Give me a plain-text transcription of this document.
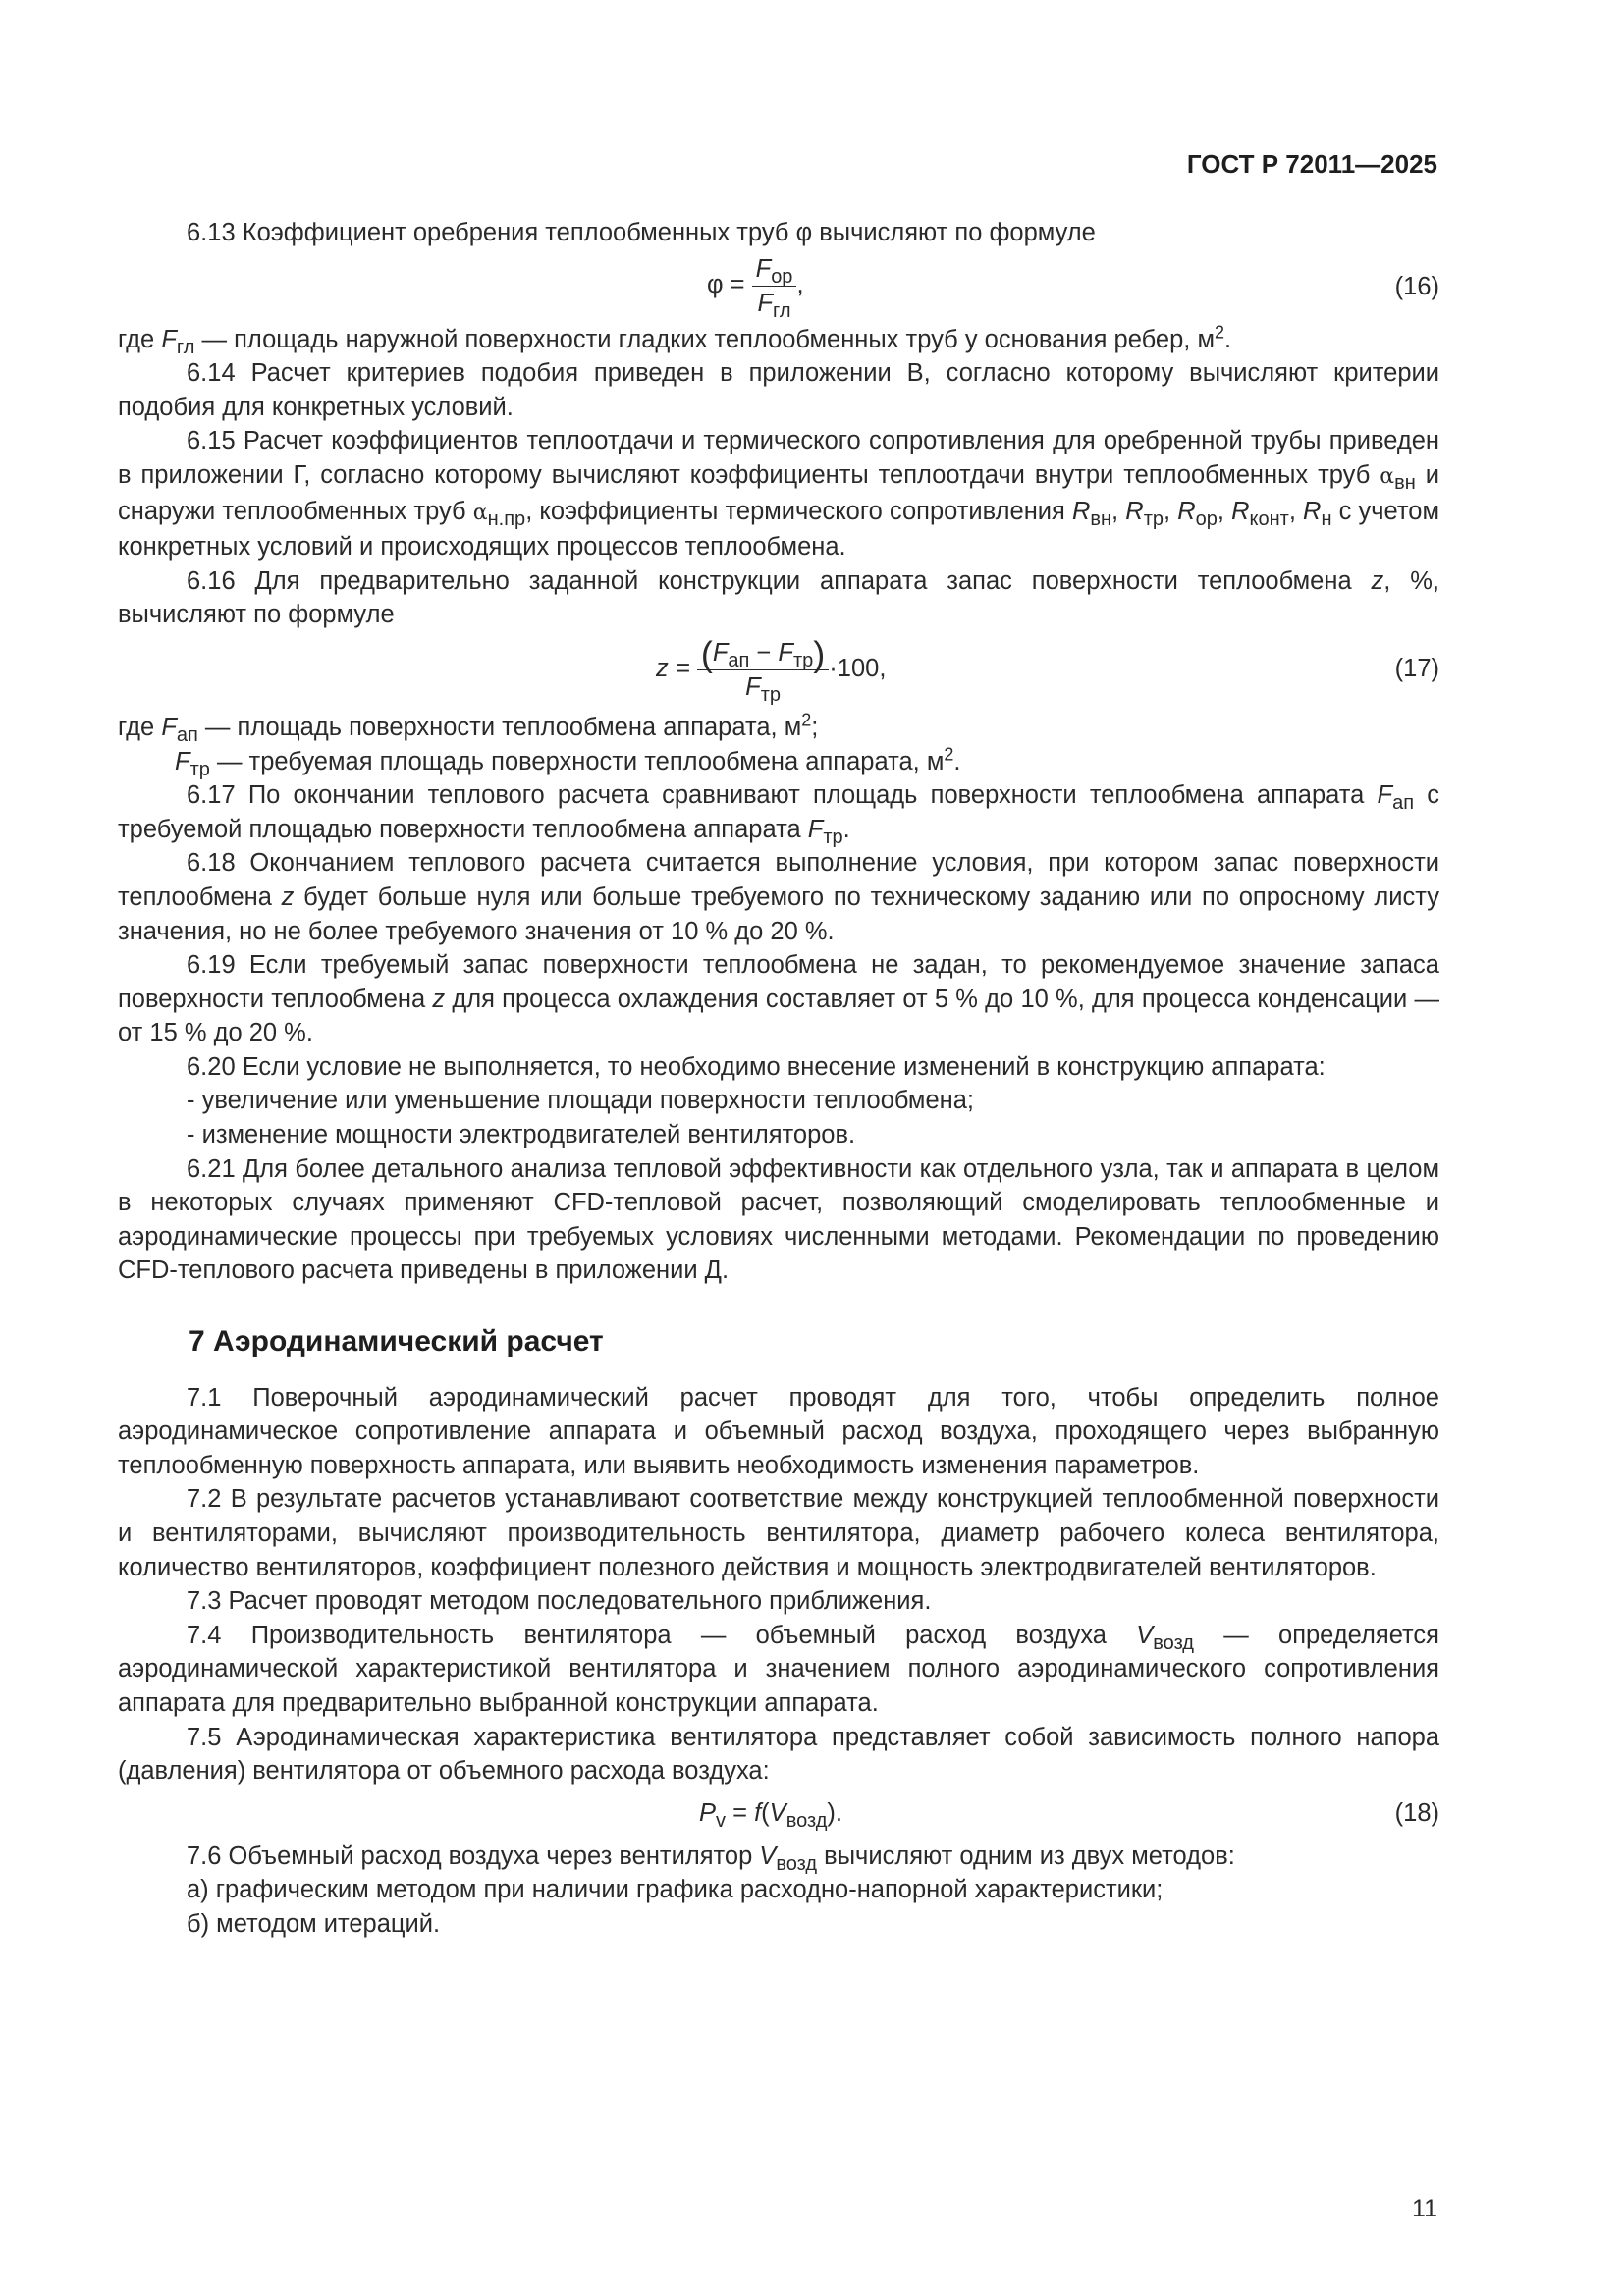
ГОСТ Р 72011—2025

6.13 Коэффициент оребрения теплообменных труб φ вычисляют по формуле

$\varphi = \frac{F_{ор}}{F_{гл}}$ ,	(16)

где $F_{гл}$ — площадь наружной поверхности гладких теплообменных труб у основания ребер, $м^2$.

6.14 Расчет критериев подобия приведен в приложении В, согласно которому вычисляют критерии подобия для конкретных условий.

6.15 Расчет коэффициентов теплоотдачи и термического сопротивления для оребренной трубы приведен в приложении Г, согласно которому вычисляют коэффициенты теплоотдачи внутри теплообменных труб $\alpha_{вн}$ и снаружи теплообменных труб $\alpha_{н.пр}$, коэффициенты термического сопротивления $R_{вн}$, $R_{тр}$, $R_{ор}$, $R_{конт}$, $R_н$ с учетом конкретных условий и происходящих процессов теплообмена.

6.16 Для предварительно заданной конструкции аппарата запас поверхности теплообмена z, %, вычисляют по формуле

$z = \frac{(F_{ап} - F_{тр})}{F_{тр}} \cdot 100$,	(17)

где $F_{ап}$ — площадь поверхности теплообмена аппарата, $м^2$;

$F_{тр}$ — требуемая площадь поверхности теплообмена аппарата, $м^2$.

6.17 По окончании теплового расчета сравнивают площадь поверхности теплообмена аппарата $F_{ап}$ с требуемой площадью поверхности теплообмена аппарата $F_{тр}$.

6.18 Окончанием теплового расчета считается выполнение условия, при котором запас поверхности теплообмена z будет больше нуля или больше требуемого по техническому заданию или по опросному листу значения, но не более требуемого значения от 10 % до 20 %.

6.19 Если требуемый запас поверхности теплообмена не задан, то рекомендуемое значение запаса поверхности теплообмена z для процесса охлаждения составляет от 5 % до 10 %, для процесса конденсации — от 15 % до 20 %.

6.20 Если условие не выполняется, то необходимо внесение изменений в конструкцию аппарата:

- увеличение или уменьшение площади поверхности теплообмена;

- изменение мощности электродвигателей вентиляторов.

6.21 Для более детального анализа тепловой эффективности как отдельного узла, так и аппарата в целом в некоторых случаях применяют CFD-тепловой расчет, позволяющий смоделировать теплообменные и аэродинамические процессы при требуемых условиях численными методами. Рекомендации по проведению CFD-теплового расчета приведены в приложении Д.

7 Аэродинамический расчет

7.1 Поверочный аэродинамический расчет проводят для того, чтобы определить полное аэродинамическое сопротивление аппарата и объемный расход воздуха, проходящего через выбранную теплообменную поверхность аппарата, или выявить необходимость изменения параметров.

7.2 В результате расчетов устанавливают соответствие между конструкцией теплообменной поверхности и вентиляторами, вычисляют производительность вентилятора, диаметр рабочего колеса вентилятора, количество вентиляторов, коэффициент полезного действия и мощность электродвигателей вентиляторов.

7.3 Расчет проводят методом последовательного приближения.

7.4 Производительность вентилятора — объемный расход воздуха $V_{возд}$ — определяется аэродинамической характеристикой вентилятора и значением полного аэродинамического сопротивления аппарата для предварительно выбранной конструкции аппарата.

7.5 Аэродинамическая характеристика вентилятора представляет собой зависимость полного напора (давления) вентилятора от объемного расхода воздуха:

$P_v = f(V_{возд})$.	(18)

7.6 Объемный расход воздуха через вентилятор $V_{возд}$ вычисляют одним из двух методов:

а) графическим методом при наличии графика расходно-напорной характеристики;

б) методом итераций.

11
